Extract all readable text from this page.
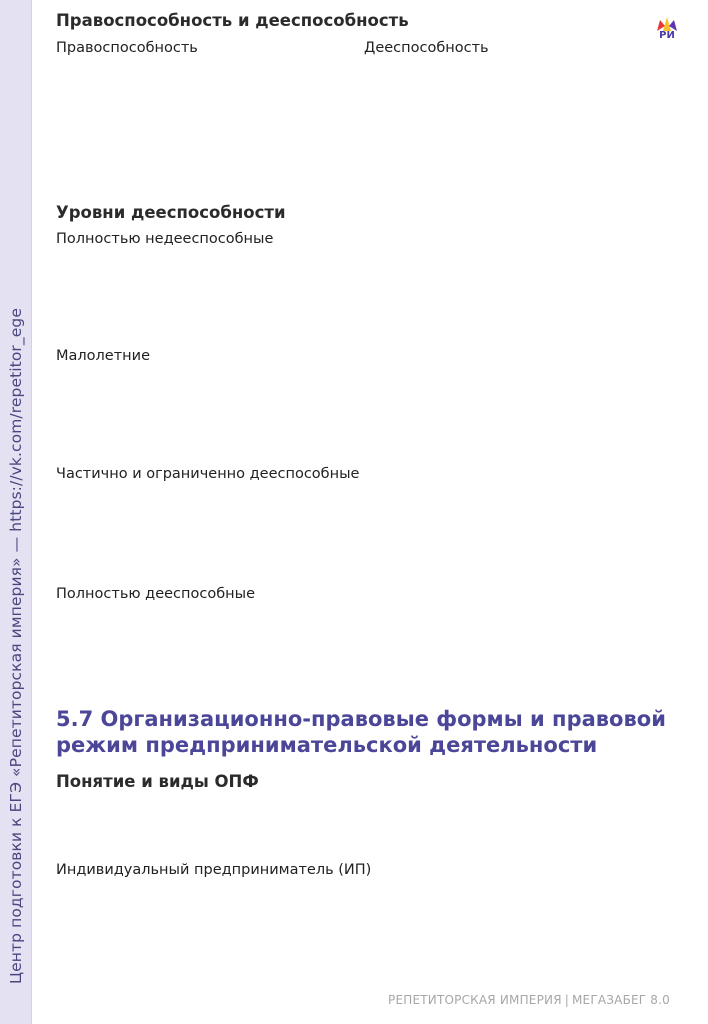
Центр подготовки к ЕГЭ «Репетиторская империя» — https://vk.com/repetitor_ege
РИ

Правоспособность и дееспособность

Правоспособность	Дееспособность

Уровни дееспособности

Полностью недееспособные

Малолетние

Частично и ограниченно дееспособные

Полностью дееспособные

5.7 Организационно-правовые формы и правовой режим предпринимательской деятельности

Понятие и виды ОПФ

Индивидуальный предприниматель (ИП)

РЕПЕТИТОРСКАЯ ИМПЕРИЯ | МЕГАЗАБЕГ 8.0
